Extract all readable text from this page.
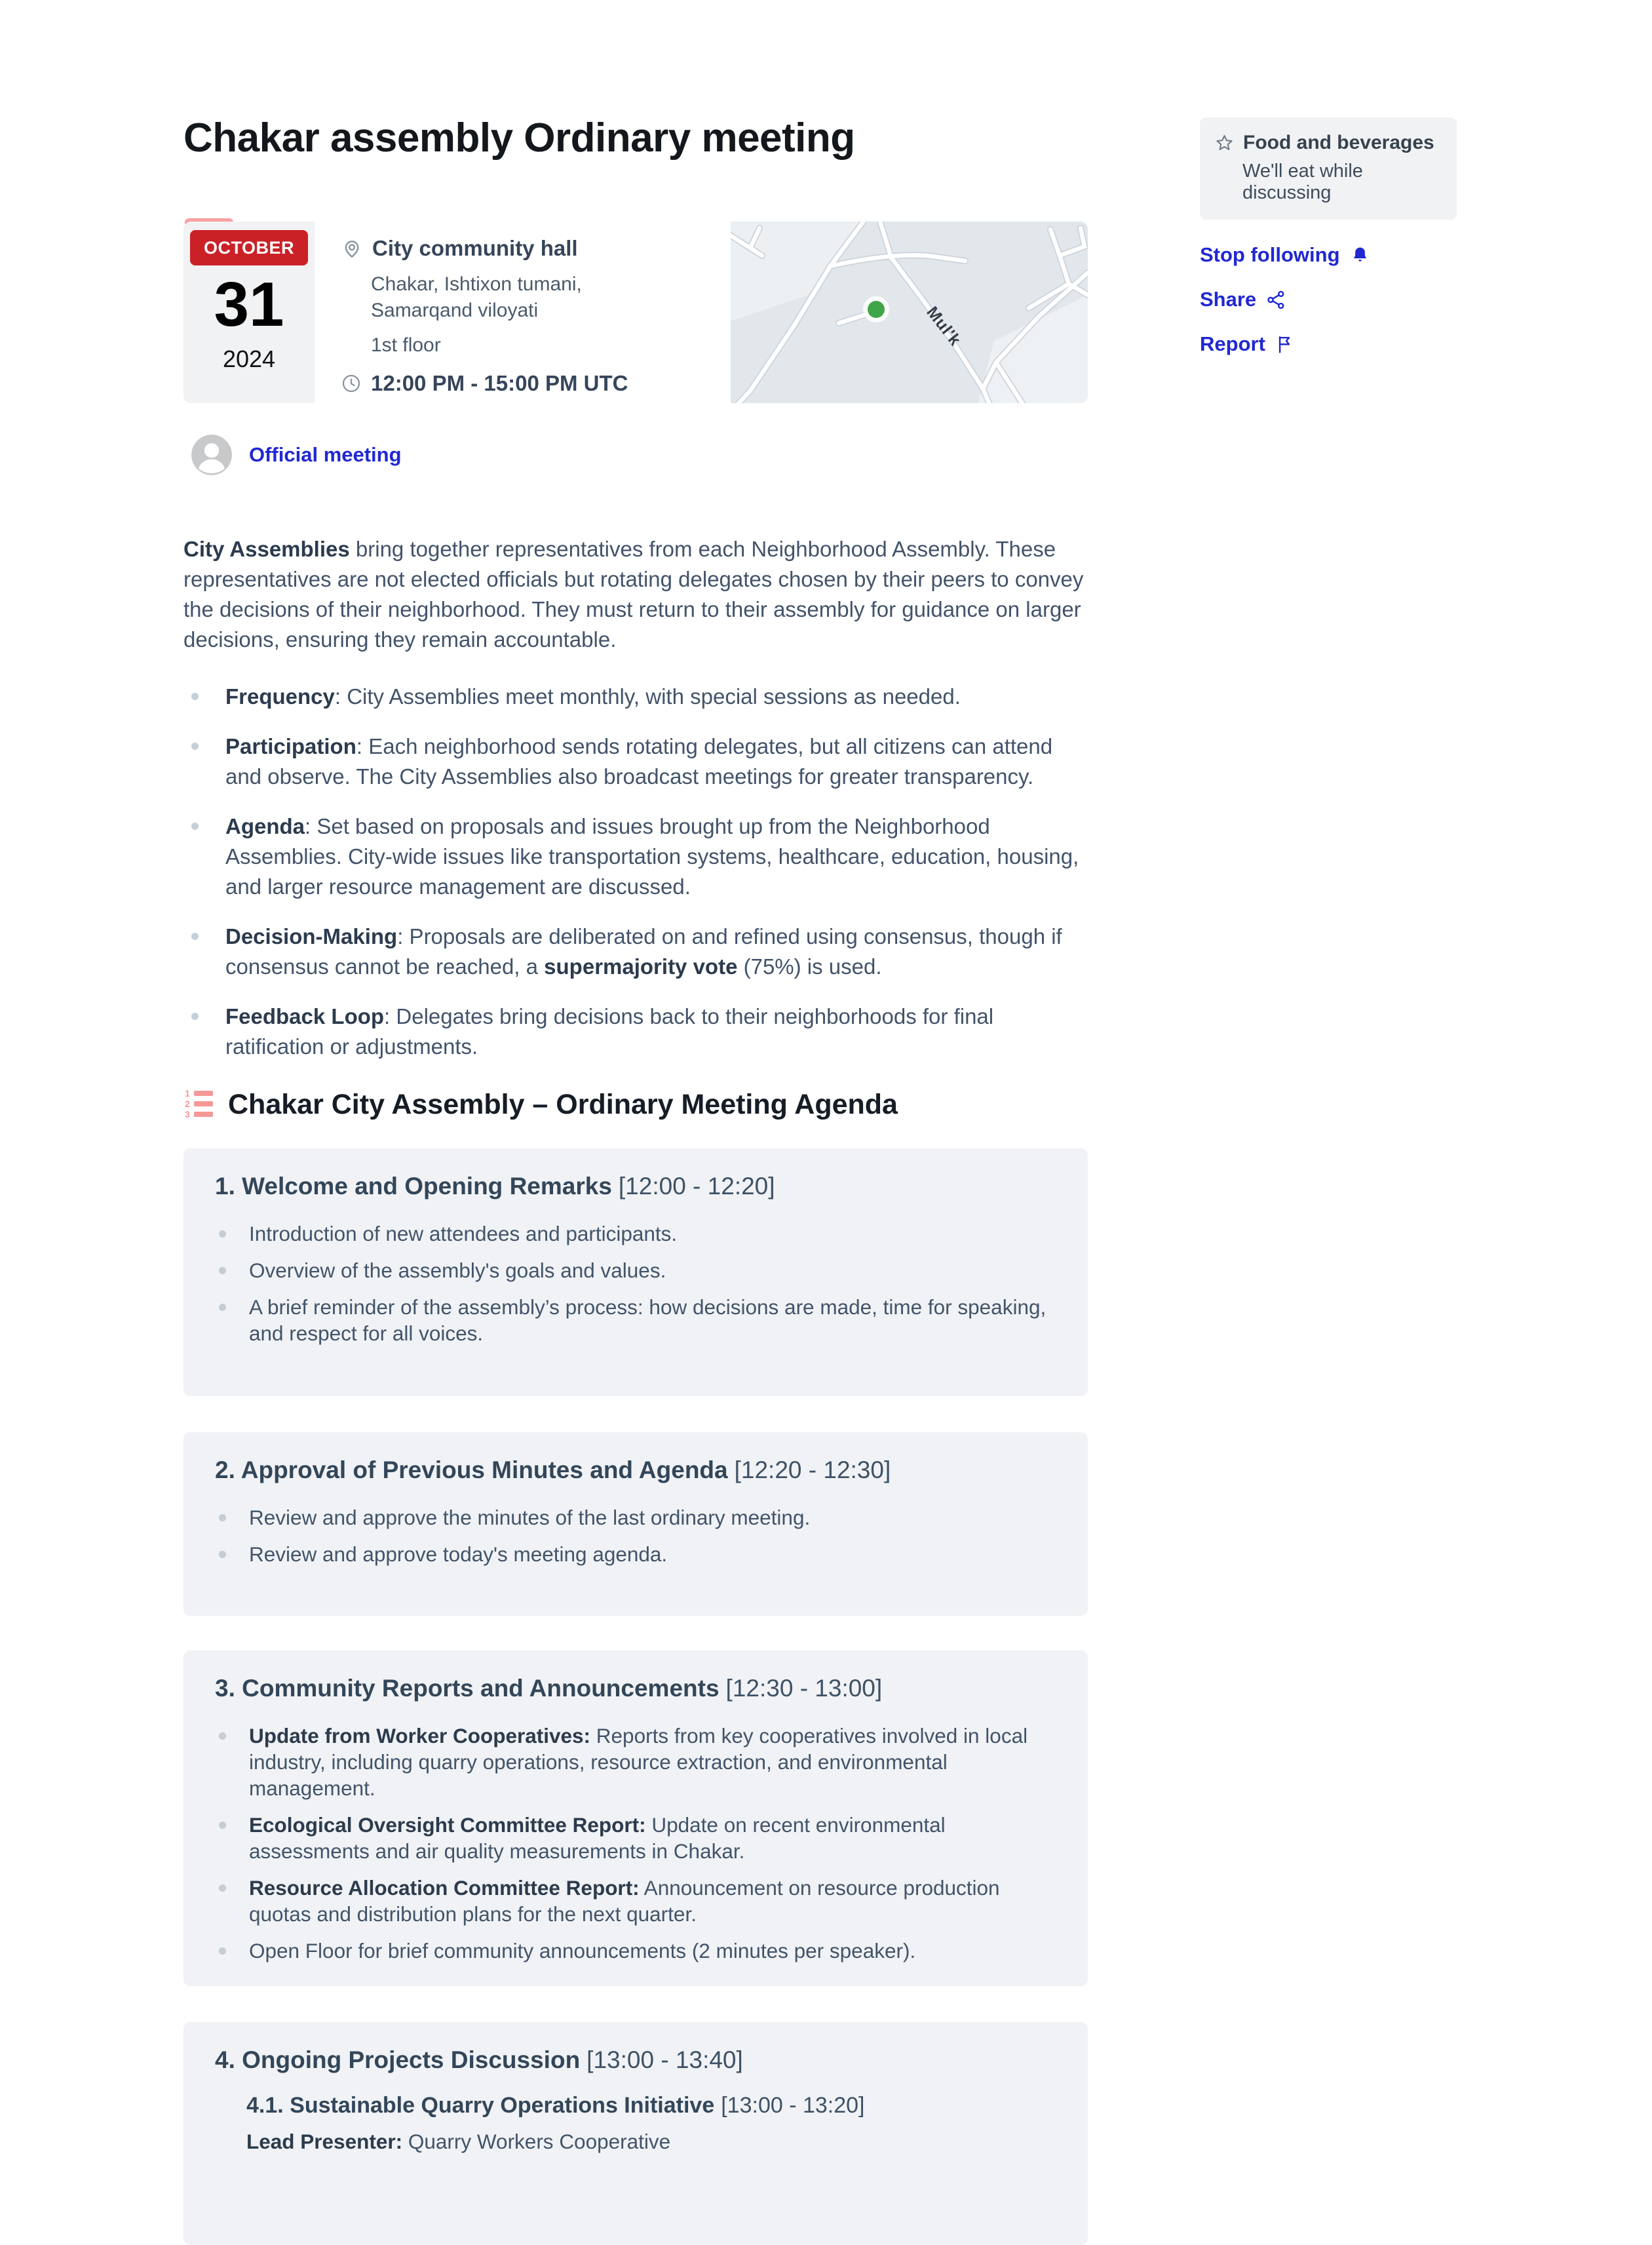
Chakar assembly Ordinary meeting
OCTOBER
31
2024
City community hall
Chakar, Ishtixon tumani, Samarqand viloyati
1st floor
12:00 PM - 15:00 PM UTC
Mul'k
Official meeting

City Assemblies bring together representatives from each Neighborhood Assembly. These representatives are not elected officials but rotating delegates chosen by their peers to convey the decisions of their neighborhood. They must return to their assembly for guidance on larger decisions, ensuring they remain accountable.

Frequency: City Assemblies meet monthly, with special sessions as needed.
Participation: Each neighborhood sends rotating delegates, but all citizens can attend and observe. The City Assemblies also broadcast meetings for greater transparency.
Agenda: Set based on proposals and issues brought up from the Neighborhood Assemblies. City-wide issues like transportation systems, healthcare, education, housing, and larger resource management are discussed.
Decision-Making: Proposals are deliberated on and refined using consensus, though if consensus cannot be reached, a supermajority vote (75%) is used.
Feedback Loop: Delegates bring decisions back to their neighborhoods for final ratification or adjustments.
1
2
3 Chakar City Assembly – Ordinary Meeting Agenda
1. Welcome and Opening Remarks [12:00 - 12:20]
Introduction of new attendees and participants.
Overview of the assembly's goals and values.
A brief reminder of the assembly’s process: how decisions are made, time for speaking, and respect for all voices.
2. Approval of Previous Minutes and Agenda [12:20 - 12:30]
Review and approve the minutes of the last ordinary meeting.
Review and approve today's meeting agenda.
3. Community Reports and Announcements [12:30 - 13:00]
Update from Worker Cooperatives: Reports from key cooperatives involved in local industry, including quarry operations, resource extraction, and environmental management.
Ecological Oversight Committee Report: Update on recent environmental assessments and air quality measurements in Chakar.
Resource Allocation Committee Report: Announcement on resource production quotas and distribution plans for the next quarter.
Open Floor for brief community announcements (2 minutes per speaker).
4. Ongoing Projects Discussion [13:00 - 13:40]
4.1. Sustainable Quarry Operations Initiative [13:00 - 13:20]
Lead Presenter: Quarry Workers Cooperative
Food and beverages
We'll eat while discussing
Stop following
Share
Report
